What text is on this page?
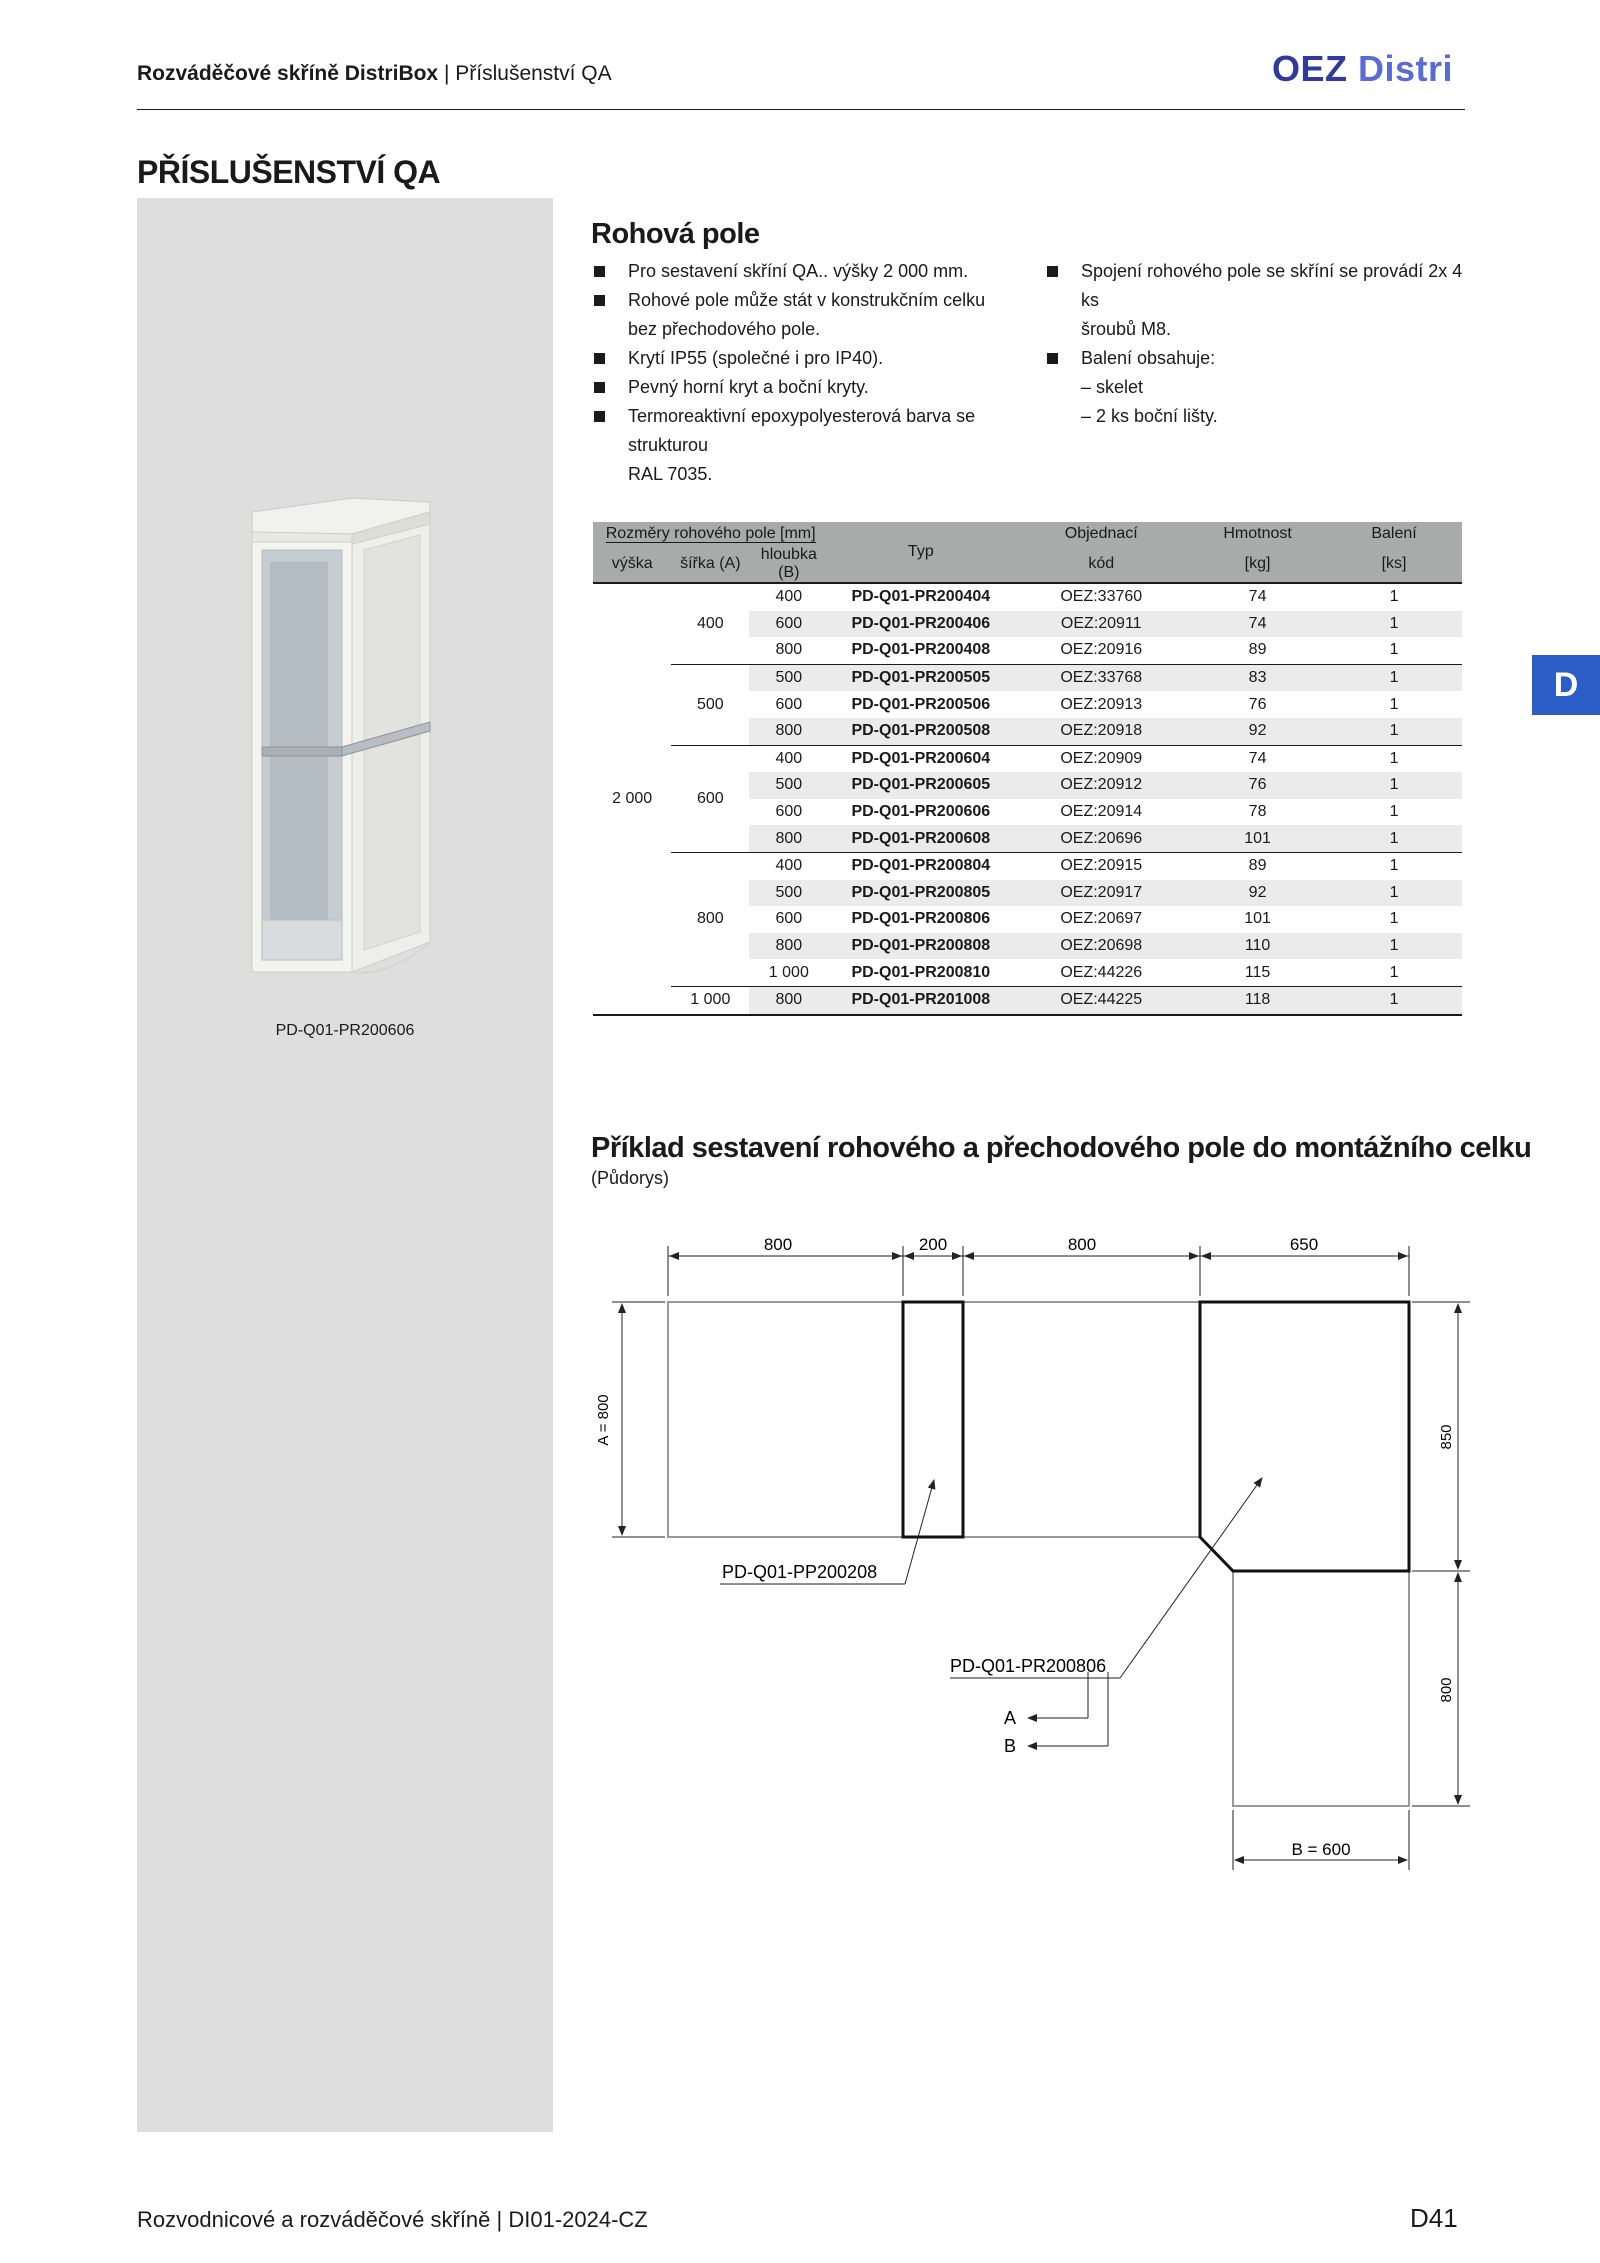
Rozváděčové skříně DistriBox | Příslušenství QA	OEZ Distri
PŘÍSLUŠENSTVÍ QA
PD-Q01-PR200606
D
Rohová pole
Pro sestavení skříní QA.. výšky 2 000 mm.
Rohové pole může stát v konstrukčním celku
bez přechodového pole.
Krytí IP55 (společné i pro IP40).
Pevný horní kryt a boční kryty.
Termoreaktivní epoxypolyesterová barva se strukturou
RAL 7035.
Spojení rohového pole se skříní se provádí 2x 4 ks
šroubů M8.
Balení obsahuje:
– skelet
– 2 ks boční lišty.
Rozměry rohového pole [mm]			Typ	Objednací	Hmotnost	Balení
výška	šířka (A)	hloubka (B)		kód	[kg]	[ks]
2 000	400	400	PD-Q01-PR200404	OEZ:33760	74	1
		600	PD-Q01-PR200406	OEZ:20911	74	1
		800	PD-Q01-PR200408	OEZ:20916	89	1
	500	500	PD-Q01-PR200505	OEZ:33768	83	1
		600	PD-Q01-PR200506	OEZ:20913	76	1
		800	PD-Q01-PR200508	OEZ:20918	92	1
	600	400	PD-Q01-PR200604	OEZ:20909	74	1
		500	PD-Q01-PR200605	OEZ:20912	76	1
		600	PD-Q01-PR200606	OEZ:20914	78	1
		800	PD-Q01-PR200608	OEZ:20696	101	1
	800	400	PD-Q01-PR200804	OEZ:20915	89	1
		500	PD-Q01-PR200805	OEZ:20917	92	1
		600	PD-Q01-PR200806	OEZ:20697	101	1
		800	PD-Q01-PR200808	OEZ:20698	110	1
		1 000	PD-Q01-PR200810	OEZ:44226	115	1
	1 000	800	PD-Q01-PR201008	OEZ:44225	118	1
Příklad sestavení rohového a přechodového pole do montážního celku
(Půdorys)
800	200	800	650
A = 800	850
800
B = 600
PD-Q01-PP200208
PD-Q01-PR200806
A
B
Rozvodnicové a rozváděčové skříně | DI01-2024-CZ	D41
